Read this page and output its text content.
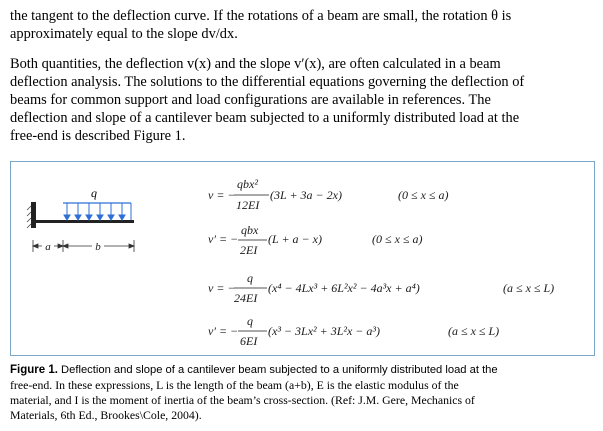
the tangent to the deflection curve. If the rotations of a beam are small, the rotation θ is
approximately equal to the slope dv/dx.
Both quantities, the deflection v(x) and the slope v′(x), are often calculated in a beam
deflection analysis. The solutions to the differential equations governing the deflection of
beams for common support and load configurations are available in references. The
deflection and slope of a cantilever beam subjected to a uniformly distributed load at the
free-end is described Figure 1.
q
a	b
v = −
qbx²
12EI
(3L + 3a − 2x)	(0 ≤ x ≤ a)
v′ = −
qbx
2EI
(L + a − x)	(0 ≤ x ≤ a)
v = −
q
24EI
(x⁴ − 4Lx³ + 6L²x² − 4a³x + a⁴)	(a ≤ x ≤ L)
v′ = −
q
6EI
(x³ − 3Lx² + 3L²x − a³)	(a ≤ x ≤ L)
Figure 1. Deflection and slope of a cantilever beam subjected to a uniformly distributed load at the
free-end. In these expressions, L is the length of the beam (a+b), E is the elastic modulus of the
material, and I is the moment of inertia of the beam’s cross-section. (Ref: J.M. Gere, Mechanics of
Materials, 6th Ed., Brookes\Cole, 2004).
